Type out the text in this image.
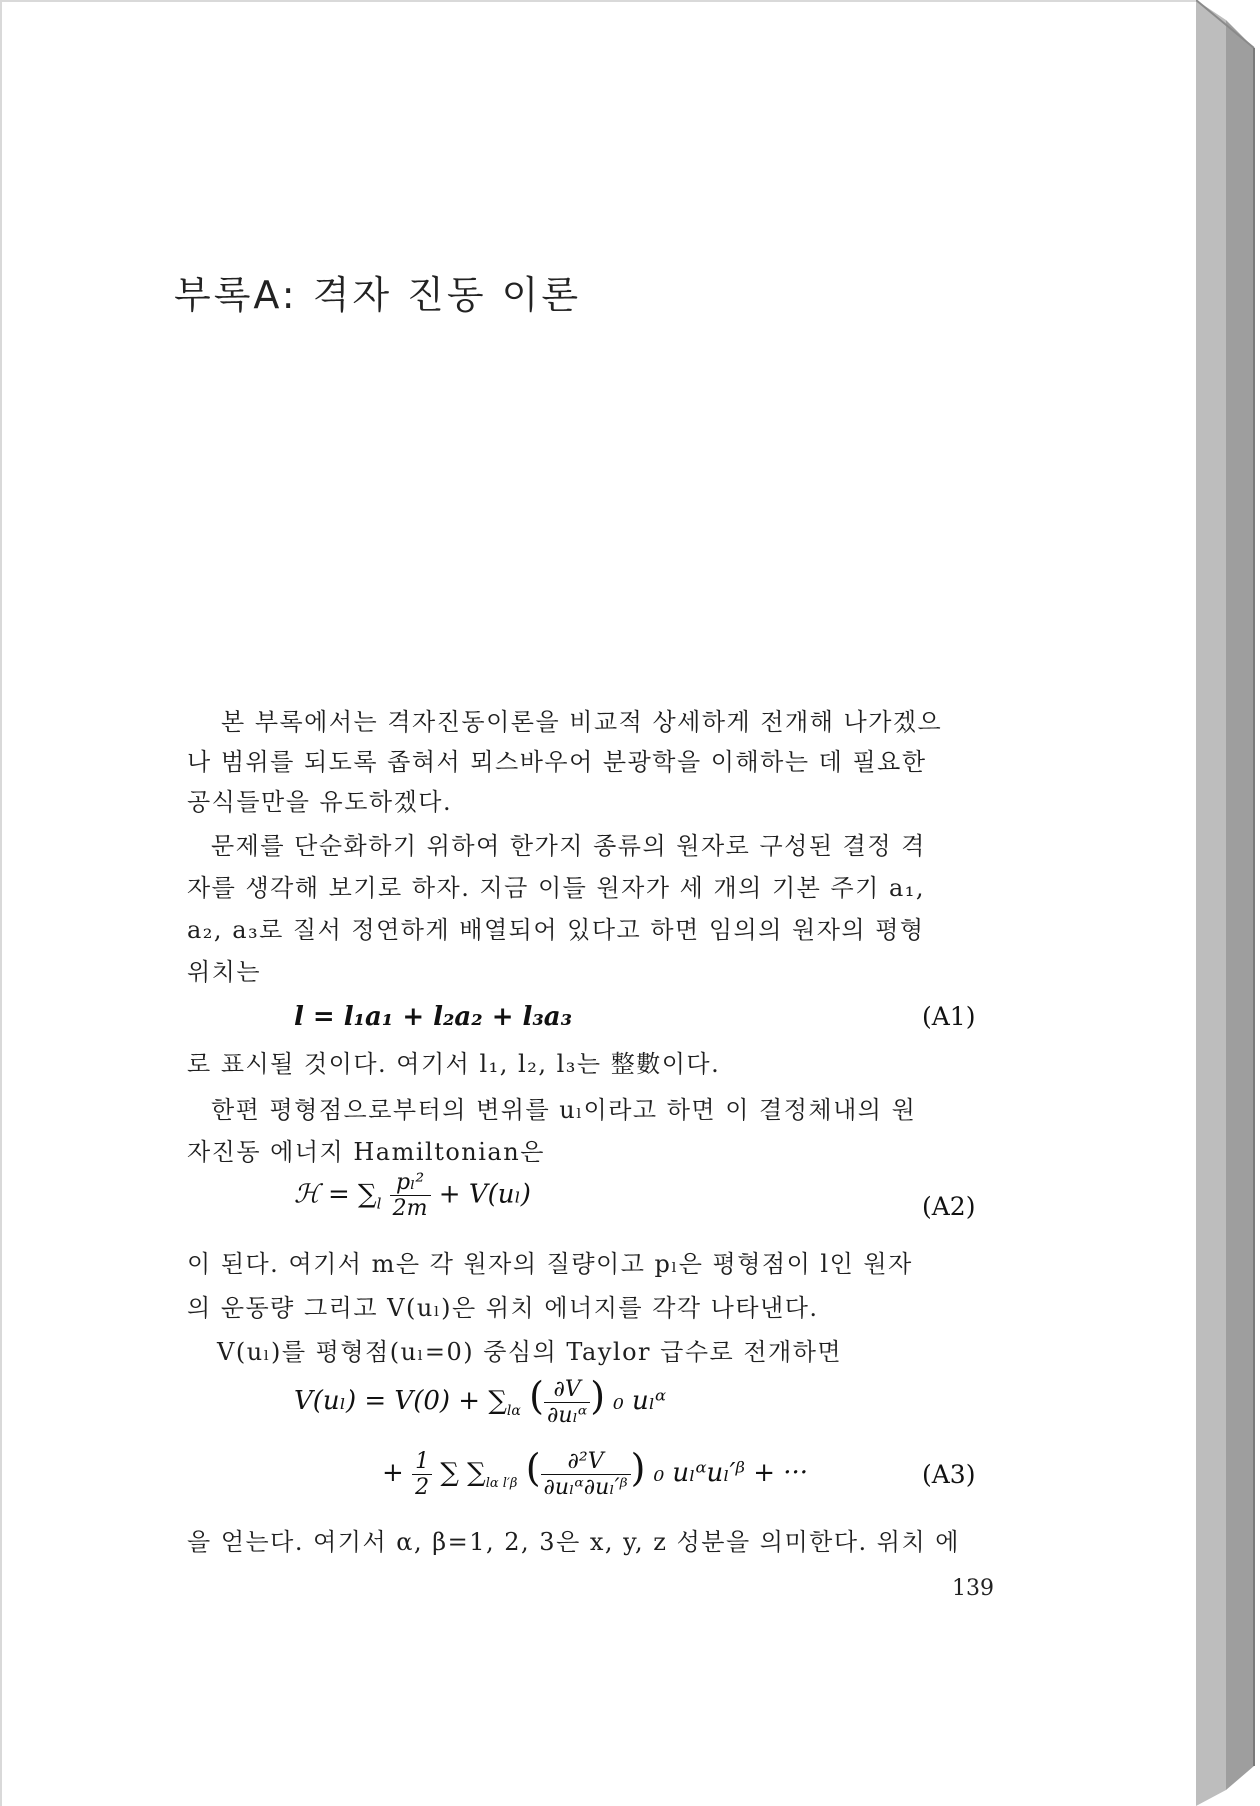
부록A: 격자 진동 이론
본 부록에서는 격자진동이론을 비교적 상세하게 전개해 나가겠으
나 범위를 되도록 좁혀서 뫼스바우어 분광학을 이해하는 데 필요한
공식들만을 유도하겠다.
문제를 단순화하기 위하여 한가지 종류의 원자로 구성된 결정 격
자를 생각해 보기로 하자. 지금 이들 원자가 세 개의 기본 주기 a₁,
a₂, a₃로 질서 정연하게 배열되어 있다고 하면 임의의 원자의 평형
위치는
로 표시될 것이다. 여기서 l₁, l₂, l₃는 整數이다.
한편 평형점으로부터의 변위를 uₗ이라고 하면 이 결정체내의 원
자진동 에너지 Hamiltonian은
이 된다. 여기서 m은 각 원자의 질량이고 pₗ은 평형점이 l인 원자
의 운동량 그리고 V(uₗ)은 위치 에너지를 각각 나타낸다.
V(uₗ)를 평형점(uₗ=0) 중심의 Taylor 급수로 전개하면
을 얻는다. 여기서 α, β=1, 2, 3은 x, y, z 성분을 의미한다. 위치 에
l = l₁a₁ + l₂a₂ + l₃a₃	(A1)
ℋ = $\sum_l \frac{\text{pₗ²}}{2m} + V(u_l)$	(A2)
$V(u_l) = V(0) + \sum_{l\alpha}$ ( $\frac{\partial V}{\text{∂uₗᵅ}}$ ) ₀ uₗᵅ
+ $\frac{1}{2}$ ∑ $\sum_{l\alpha l'\beta}$ ( $\frac{\text{∂²V}}{\text{∂uₗᵅ∂uₗ′ᵝ}}$ ) ₀ uₗᵅuₗ′ᵝ + ···	(A3)
139
